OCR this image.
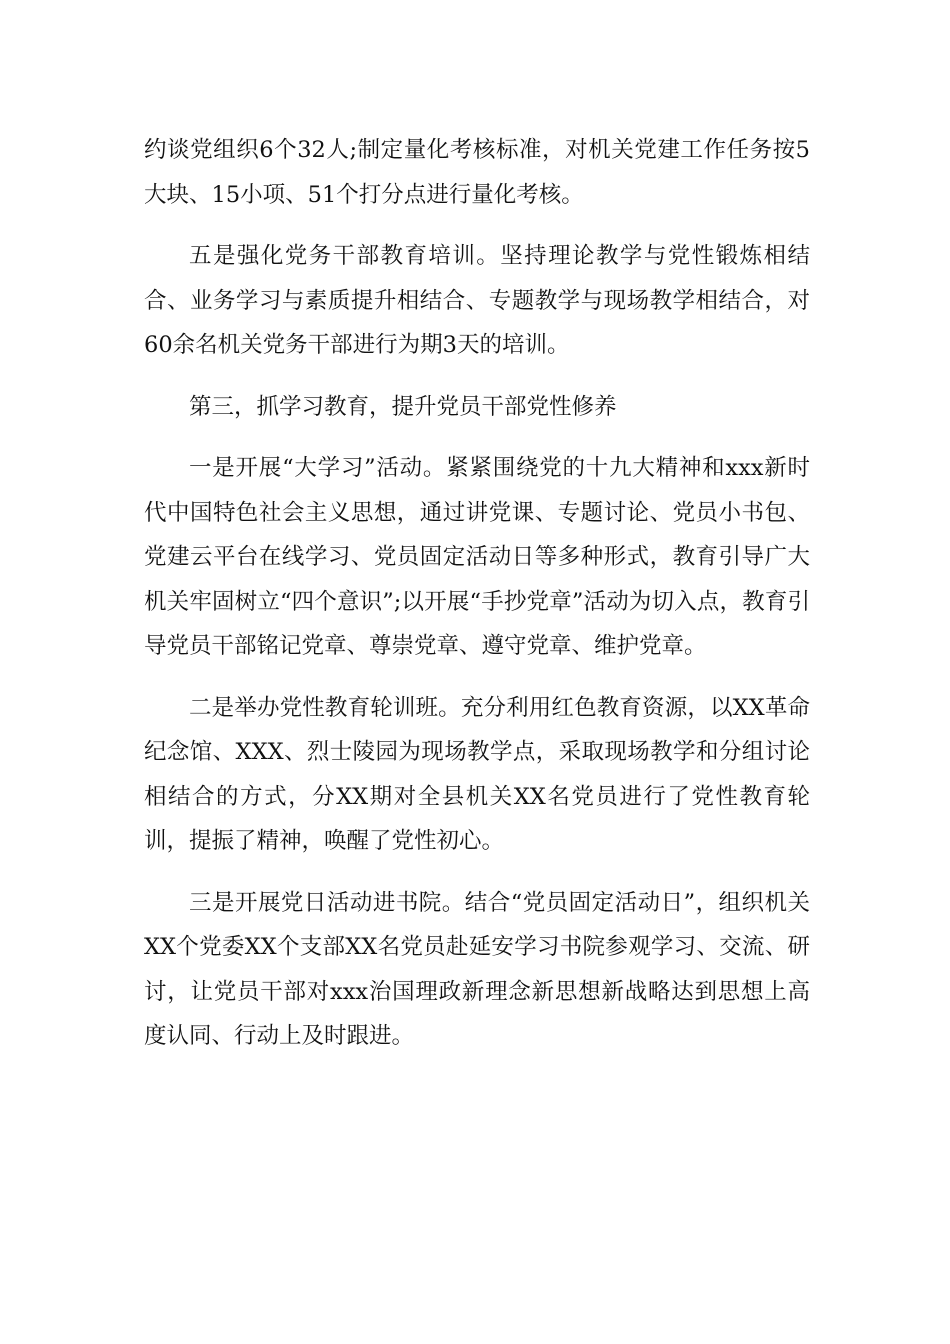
约谈党组织6个32人;制定量化考核标准，对机关党建工作任务按5大块、15小项、51个打分点进行量化考核。

五是强化党务干部教育培训。坚持理论教学与党性锻炼相结合、业务学习与素质提升相结合、专题教学与现场教学相结合，对60余名机关党务干部进行为期3天的培训。

第三，抓学习教育，提升党员干部党性修养

一是开展“大学习”活动。紧紧围绕党的十九大精神和xxx新时代中国特色社会主义思想，通过讲党课、专题讨论、党员小书包、党建云平台在线学习、党员固定活动日等多种形式，教育引导广大机关牢固树立“四个意识”;以开展“手抄党章”活动为切入点，教育引导党员干部铭记党章、尊崇党章、遵守党章、维护党章。

二是举办党性教育轮训班。充分利用红色教育资源，以XX革命纪念馆、XXX、烈士陵园为现场教学点，采取现场教学和分组讨论相结合的方式，分XX期对全县机关XX名党员进行了党性教育轮训，提振了精神，唤醒了党性初心。

三是开展党日活动进书院。结合“党员固定活动日”，组织机关XX个党委XX个支部XX名党员赴延安学习书院参观学习、交流、研讨，让党员干部对xxx治国理政新理念新思想新战略达到思想上高度认同、行动上及时跟进。
